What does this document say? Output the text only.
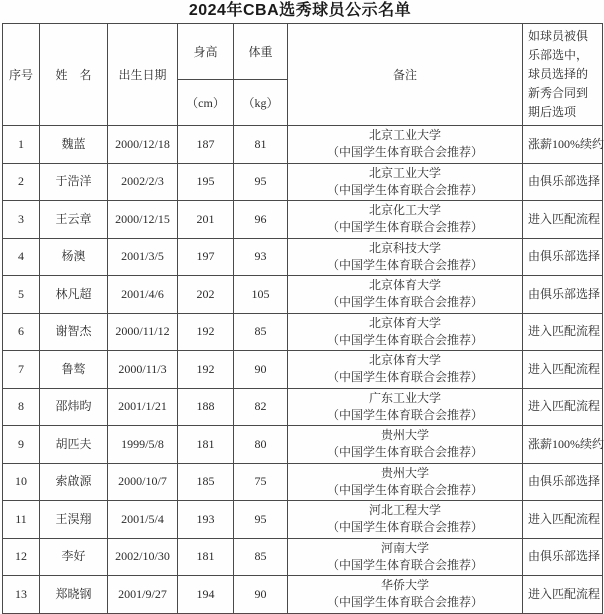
2024年CBA选秀球员公示名单
序号	姓　名	出生日期	身高	体重	备注	如球员被俱乐部选中，球员选择的新秀合同到期后选项
			（cm）	（kg）		
1	魏蓝	2000/12/18	187	81	北京工业大学
（中国学生体育联合会推荐）	涨薪100%续约
2	于浩洋	2002/2/3	195	95	北京工业大学
（中国学生体育联合会推荐）	由俱乐部选择
3	王云章	2000/12/15	201	96	北京化工大学
（中国学生体育联合会推荐）	进入匹配流程
4	杨澳	2001/3/5	197	93	北京科技大学
（中国学生体育联合会推荐）	由俱乐部选择
5	林凡超	2001/4/6	202	105	北京体育大学
（中国学生体育联合会推荐）	由俱乐部选择
6	谢智杰	2000/11/12	192	85	北京体育大学
（中国学生体育联合会推荐）	进入匹配流程
7	鲁骜	2000/11/3	192	90	北京体育大学
（中国学生体育联合会推荐）	进入匹配流程
8	邵炜昀	2001/1/21	188	82	广东工业大学
（中国学生体育联合会推荐）	进入匹配流程
9	胡匹夫	1999/5/8	181	80	贵州大学
（中国学生体育联合会推荐）	涨薪100%续约
10	索啟源	2000/10/7	185	75	贵州大学
（中国学生体育联合会推荐）	由俱乐部选择
11	王淏翔	2001/5/4	193	95	河北工程大学
（中国学生体育联合会推荐）	进入匹配流程
12	李好	2002/10/30	181	85	河南大学
（中国学生体育联合会推荐）	由俱乐部选择
13	郑晓钢	2001/9/27	194	90	华侨大学
（中国学生体育联合会推荐）	进入匹配流程
